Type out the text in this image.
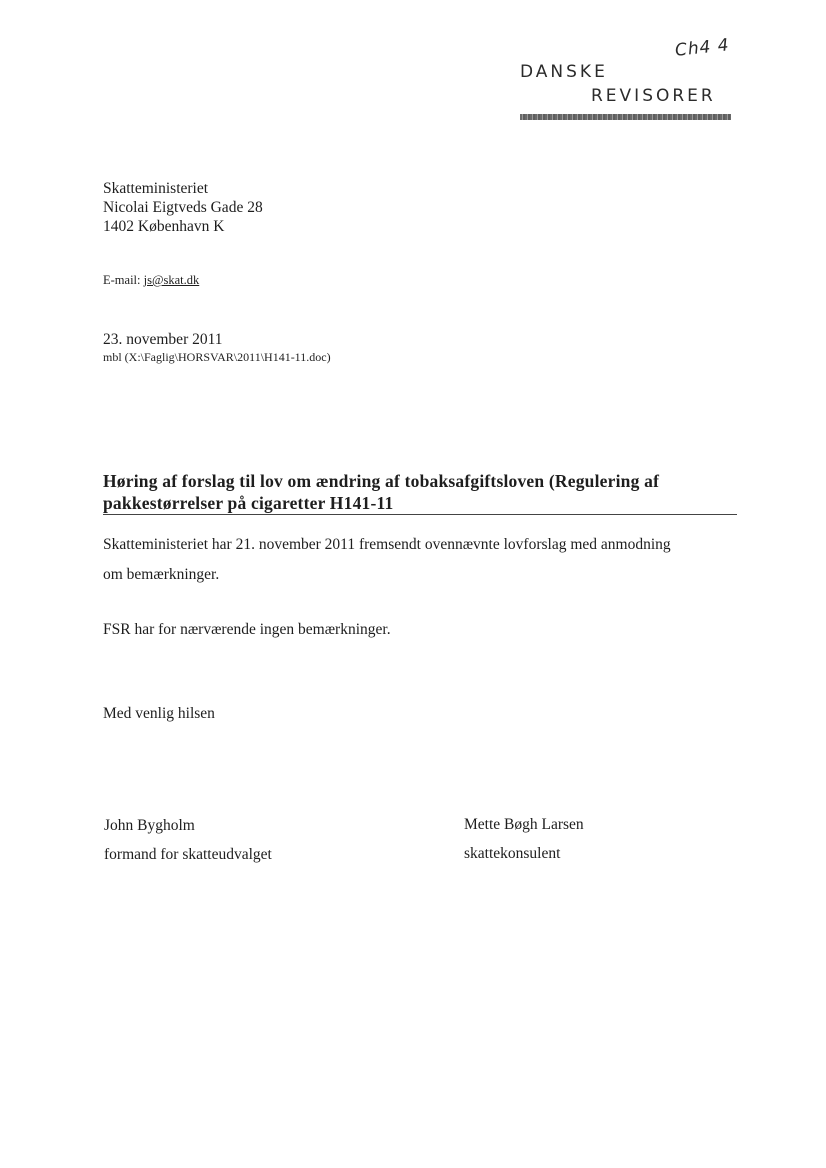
Ch4 4
DANSKE
REVISORER
Skatteministeriet
Nicolai Eigtveds Gade 28
1402 København K
E-mail: js@skat.dk
23. november 2011
mbl (X:\Faglig\HORSVAR\2011\H141-11.doc)
Høring af forslag til lov om ændring af tobaksafgiftsloven (Regulering af
pakkestørrelser på cigaretter H141-11
Skatteministeriet har 21. november 2011 fremsendt ovennævnte lovforslag med anmodning
om bemærkninger.
FSR har for nærværende ingen bemærkninger.
Med venlig hilsen
John Bygholm
formand for skatteudvalget
Mette Bøgh Larsen
skattekonsulent
